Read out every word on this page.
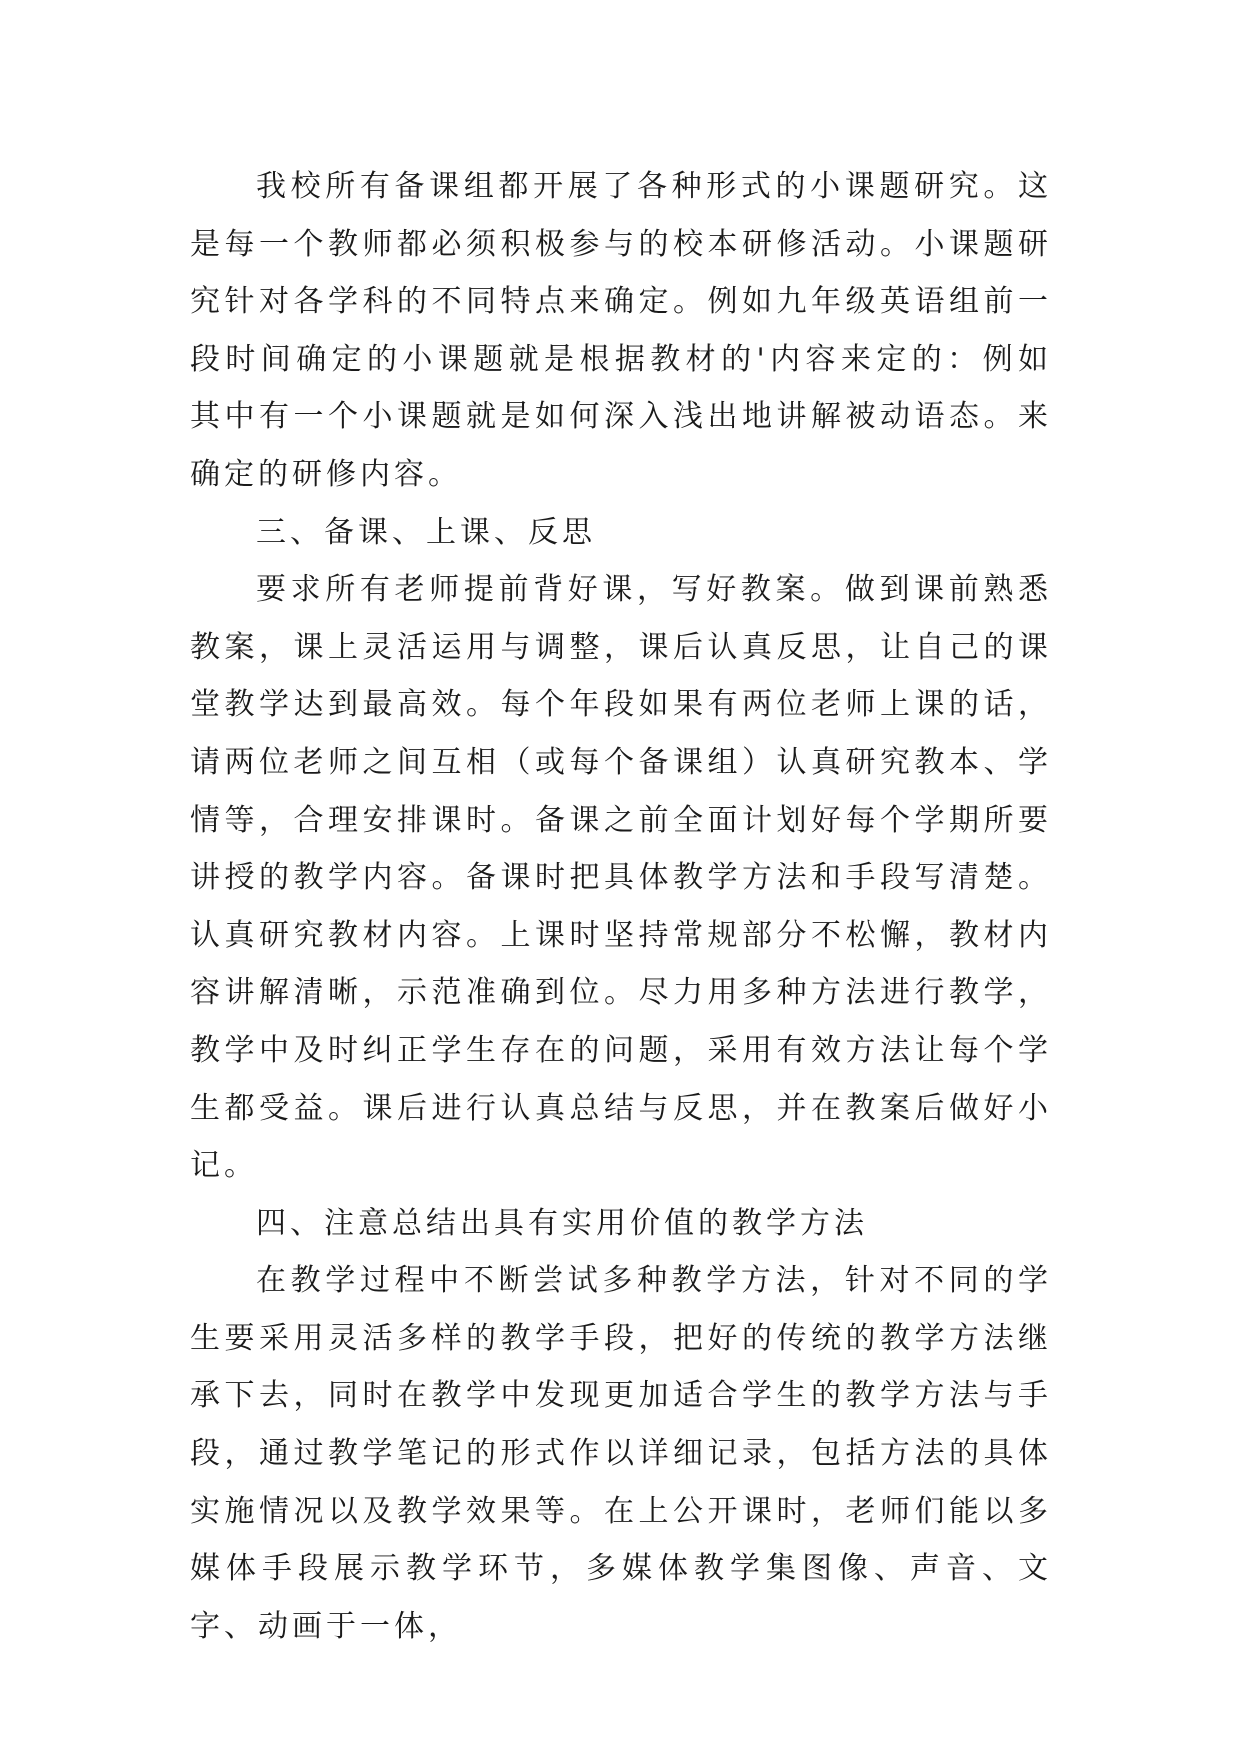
我校所有备课组都开展了各种形式的小课题研究。这是每一个教师都必须积极参与的校本研修活动。小课题研究针对各学科的不同特点来确定。例如九年级英语组前一段时间确定的小课题就是根据教材的'内容来定的：例如其中有一个小课题就是如何深入浅出地讲解被动语态。来确定的研修内容。

三、备课、上课、反思

要求所有老师提前背好课，写好教案。做到课前熟悉教案，课上灵活运用与调整，课后认真反思，让自己的课堂教学达到最高效。每个年段如果有两位老师上课的话，请两位老师之间互相（或每个备课组）认真研究教本、学情等，合理安排课时。备课之前全面计划好每个学期所要讲授的教学内容。备课时把具体教学方法和手段写清楚。认真研究教材内容。上课时坚持常规部分不松懈，教材内容讲解清晰，示范准确到位。尽力用多种方法进行教学，教学中及时纠正学生存在的问题，采用有效方法让每个学生都受益。课后进行认真总结与反思，并在教案后做好小记。

四、注意总结出具有实用价值的教学方法

在教学过程中不断尝试多种教学方法，针对不同的学生要采用灵活多样的教学手段，把好的传统的教学方法继承下去，同时在教学中发现更加适合学生的教学方法与手段，通过教学笔记的形式作以详细记录，包括方法的具体实施情况以及教学效果等。在上公开课时，老师们能以多媒体手段展示教学环节，多媒体教学集图像、声音、文字、动画于一体，
